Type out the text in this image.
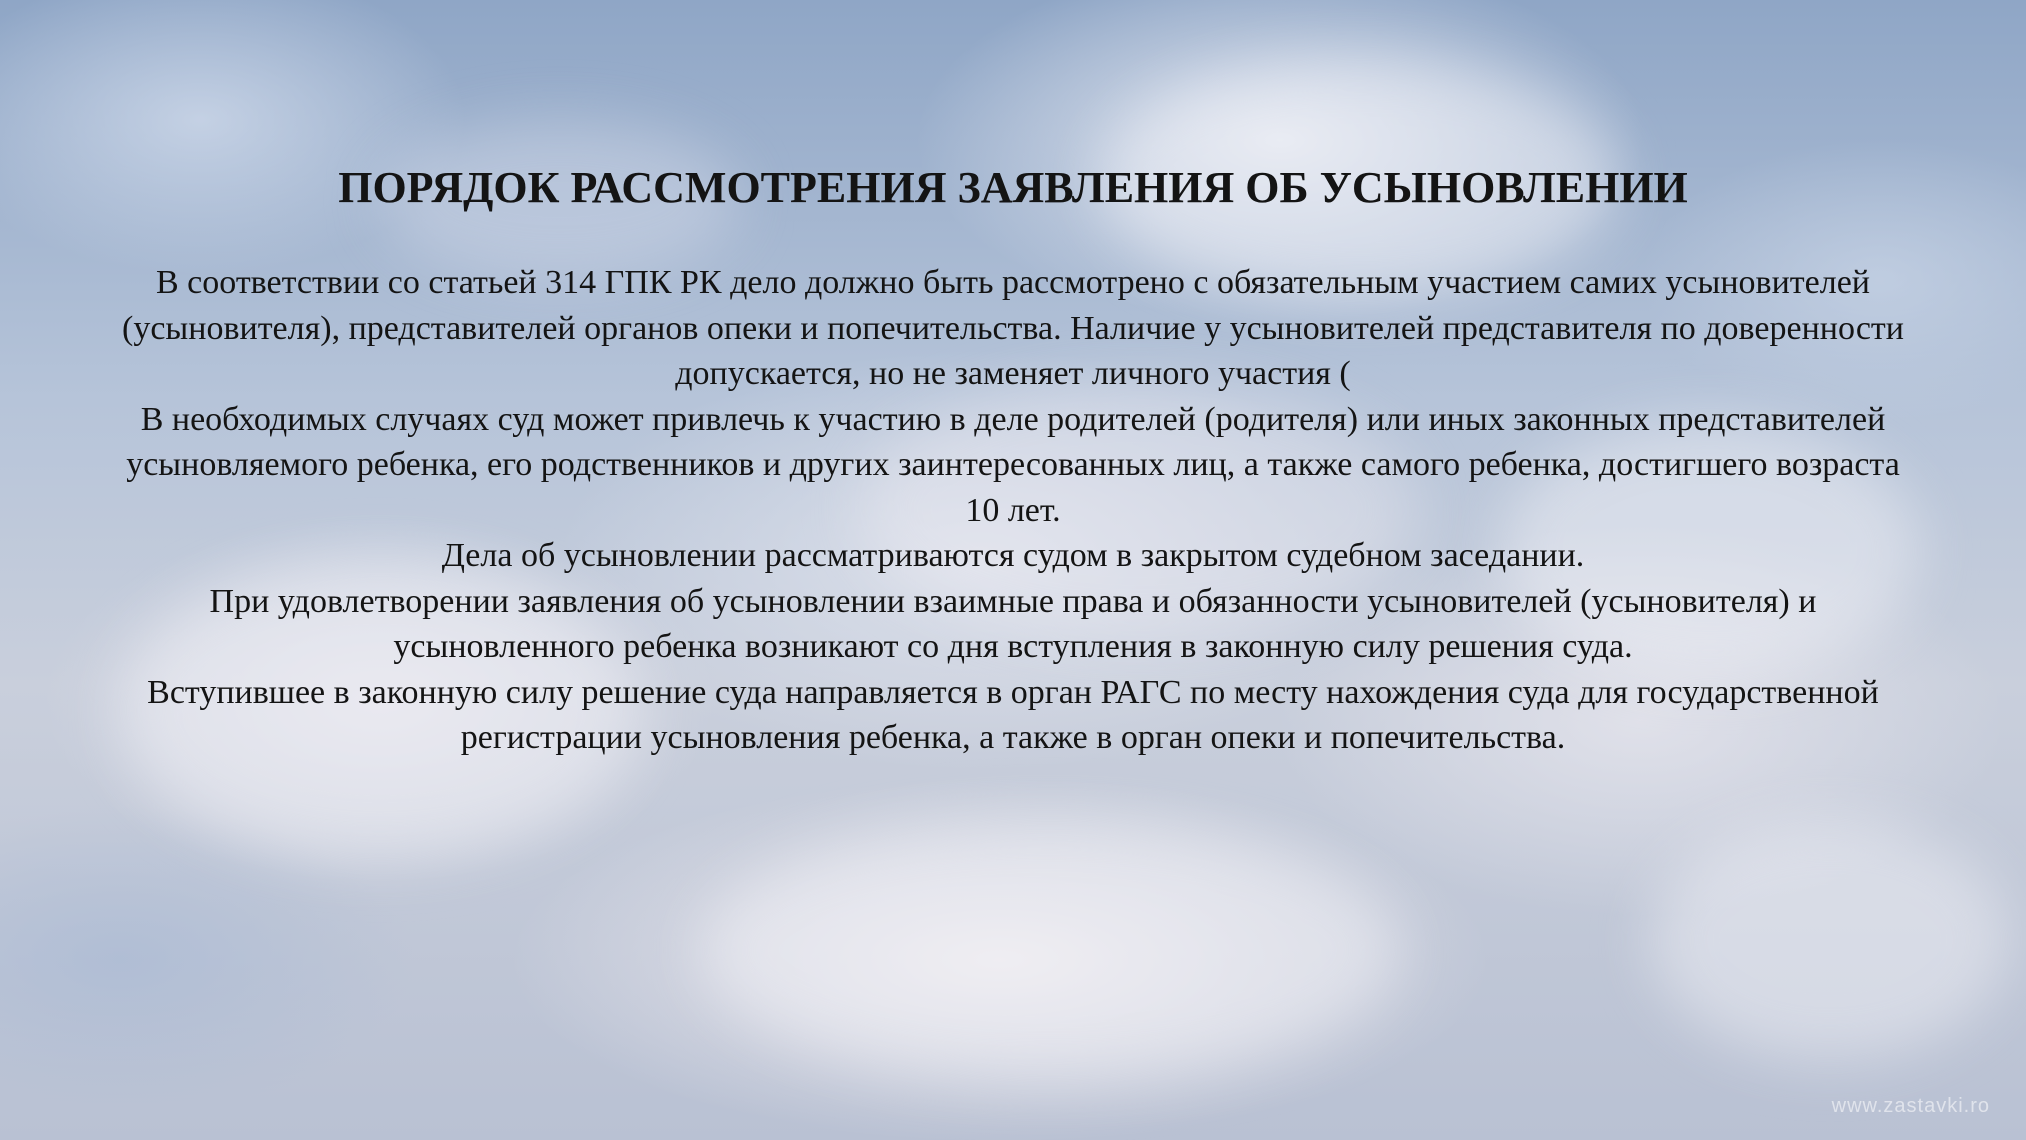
ПОРЯДОК РАССМОТРЕНИЯ ЗАЯВЛЕНИЯ ОБ УСЫНОВЛЕНИИ

В соответствии со статьей 314 ГПК РК дело должно быть рассмотрено с обязательным участием самих усыновителей (усыновителя), представителей органов опеки и попечительства. Наличие у усыновителей представителя по доверенности допускается, но не заменяет личного участия (

В необходимых случаях суд может привлечь к участию в деле родителей (родителя) или иных законных представителей усыновляемого ребенка, его родственников и других заинтересованных лиц, а также самого ребенка, достигшего возраста 10 лет.

Дела об усыновлении рассматриваются судом в закрытом судебном заседании.

При удовлетворении заявления об усыновлении взаимные права и обязанности усыновителей (усыновителя) и усыновленного ребенка возникают со дня вступления в законную силу решения суда.

Вступившее в законную силу решение суда направляется в орган РАГС по месту нахождения суда для государственной регистрации усыновления ребенка, а также в орган опеки и попечительства.

www.zastavki.ro
